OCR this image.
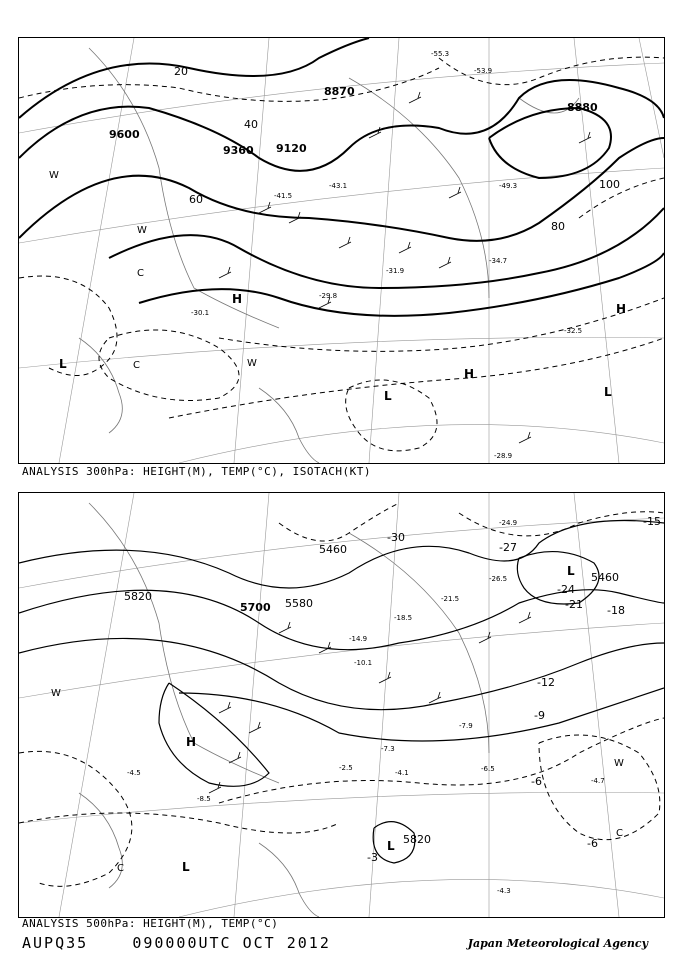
8880
8870
9600
9360 9120
20
40
60
100
80
-30.1
-29.8
-43.1	-49.3
-28.9
-34.7
-32.5
-41.5
-55.3
-53.9
-31.9
H
H
H
L
L
L
W
W
W
C
C
ANALYSIS 300hPa: HEIGHT(M), TEMP(°C), ISOTACH(KT)
5460
5580
5700
5820
5820
5460
-15
-18
-21
-24
-27
-30
-12
-9
-6
-3
-6
-21.5
-18.5
-14.9
-10.1
-7.9
-6.5
-4.7
-4.3
-4.1
-7.3
-2.5
-8.5
-4.5
-24.9
-26.5
H
L
L
L
W
W
C
C
ANALYSIS 500hPa: HEIGHT(M), TEMP(°C)
AUPQ35	090000UTC OCT 2012	Japan Meteorological Agency
